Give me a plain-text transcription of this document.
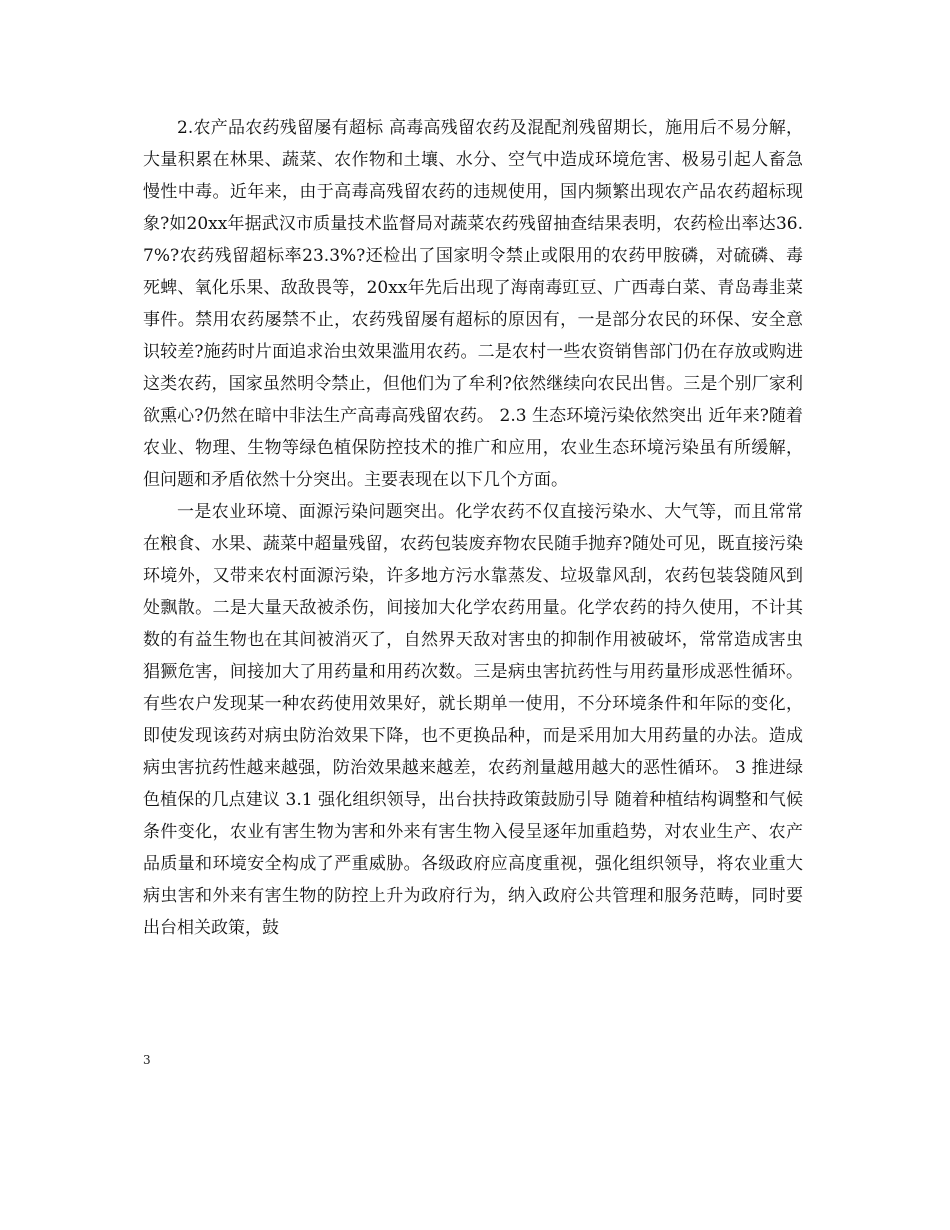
2.农产品农药残留屡有超标 高毒高残留农药及混配剂残留期长，施用后不易分解，大量积累在林果、蔬菜、农作物和土壤、水分、空气中造成环境危害、极易引起人畜急慢性中毒。近年来，由于高毒高残留农药的违规使用，国内频繁出现农产品农药超标现象?如20xx年据武汉市质量技术监督局对蔬菜农药残留抽查结果表明，农药检出率达36.7%?农药残留超标率23.3%?还检出了国家明令禁止或限用的农药甲胺磷，对硫磷、毒死蜱、氧化乐果、敌敌畏等，20xx年先后出现了海南毒豇豆、广西毒白菜、青岛毒韭菜事件。禁用农药屡禁不止，农药残留屡有超标的原因有，一是部分农民的环保、安全意识较差?施药时片面追求治虫效果滥用农药。二是农村一些农资销售部门仍在存放或购进这类农药，国家虽然明令禁止，但他们为了牟利?依然继续向农民出售。三是个别厂家利欲熏心?仍然在暗中非法生产高毒高残留农药。 2.3 生态环境污染依然突出 近年来?随着农业、物理、生物等绿色植保防控技术的推广和应用，农业生态环境污染虽有所缓解，但问题和矛盾依然十分突出。主要表现在以下几个方面。

一是农业环境、面源污染问题突出。化学农药不仅直接污染水、大气等，而且常常在粮食、水果、蔬菜中超量残留，农药包装废弃物农民随手抛弃?随处可见，既直接污染环境外，又带来农村面源污染，许多地方污水靠蒸发、垃圾靠风刮，农药包装袋随风到处飘散。二是大量天敌被杀伤，间接加大化学农药用量。化学农药的持久使用，不计其数的有益生物也在其间被消灭了，自然界天敌对害虫的抑制作用被破坏，常常造成害虫猖獗危害，间接加大了用药量和用药次数。三是病虫害抗药性与用药量形成恶性循环。有些农户发现某一种农药使用效果好，就长期单一使用，不分环境条件和年际的变化，即使发现该药对病虫防治效果下降，也不更换品种，而是采用加大用药量的办法。造成病虫害抗药性越来越强，防治效果越来越差，农药剂量越用越大的恶性循环。 3 推进绿色植保的几点建议 3.1 强化组织领导，出台扶持政策鼓励引导 随着种植结构调整和气候条件变化，农业有害生物为害和外来有害生物入侵呈逐年加重趋势，对农业生产、农产品质量和环境安全构成了严重威胁。各级政府应高度重视，强化组织领导，将农业重大病虫害和外来有害生物的防控上升为政府行为，纳入政府公共管理和服务范畴，同时要出台相关政策，鼓

3
